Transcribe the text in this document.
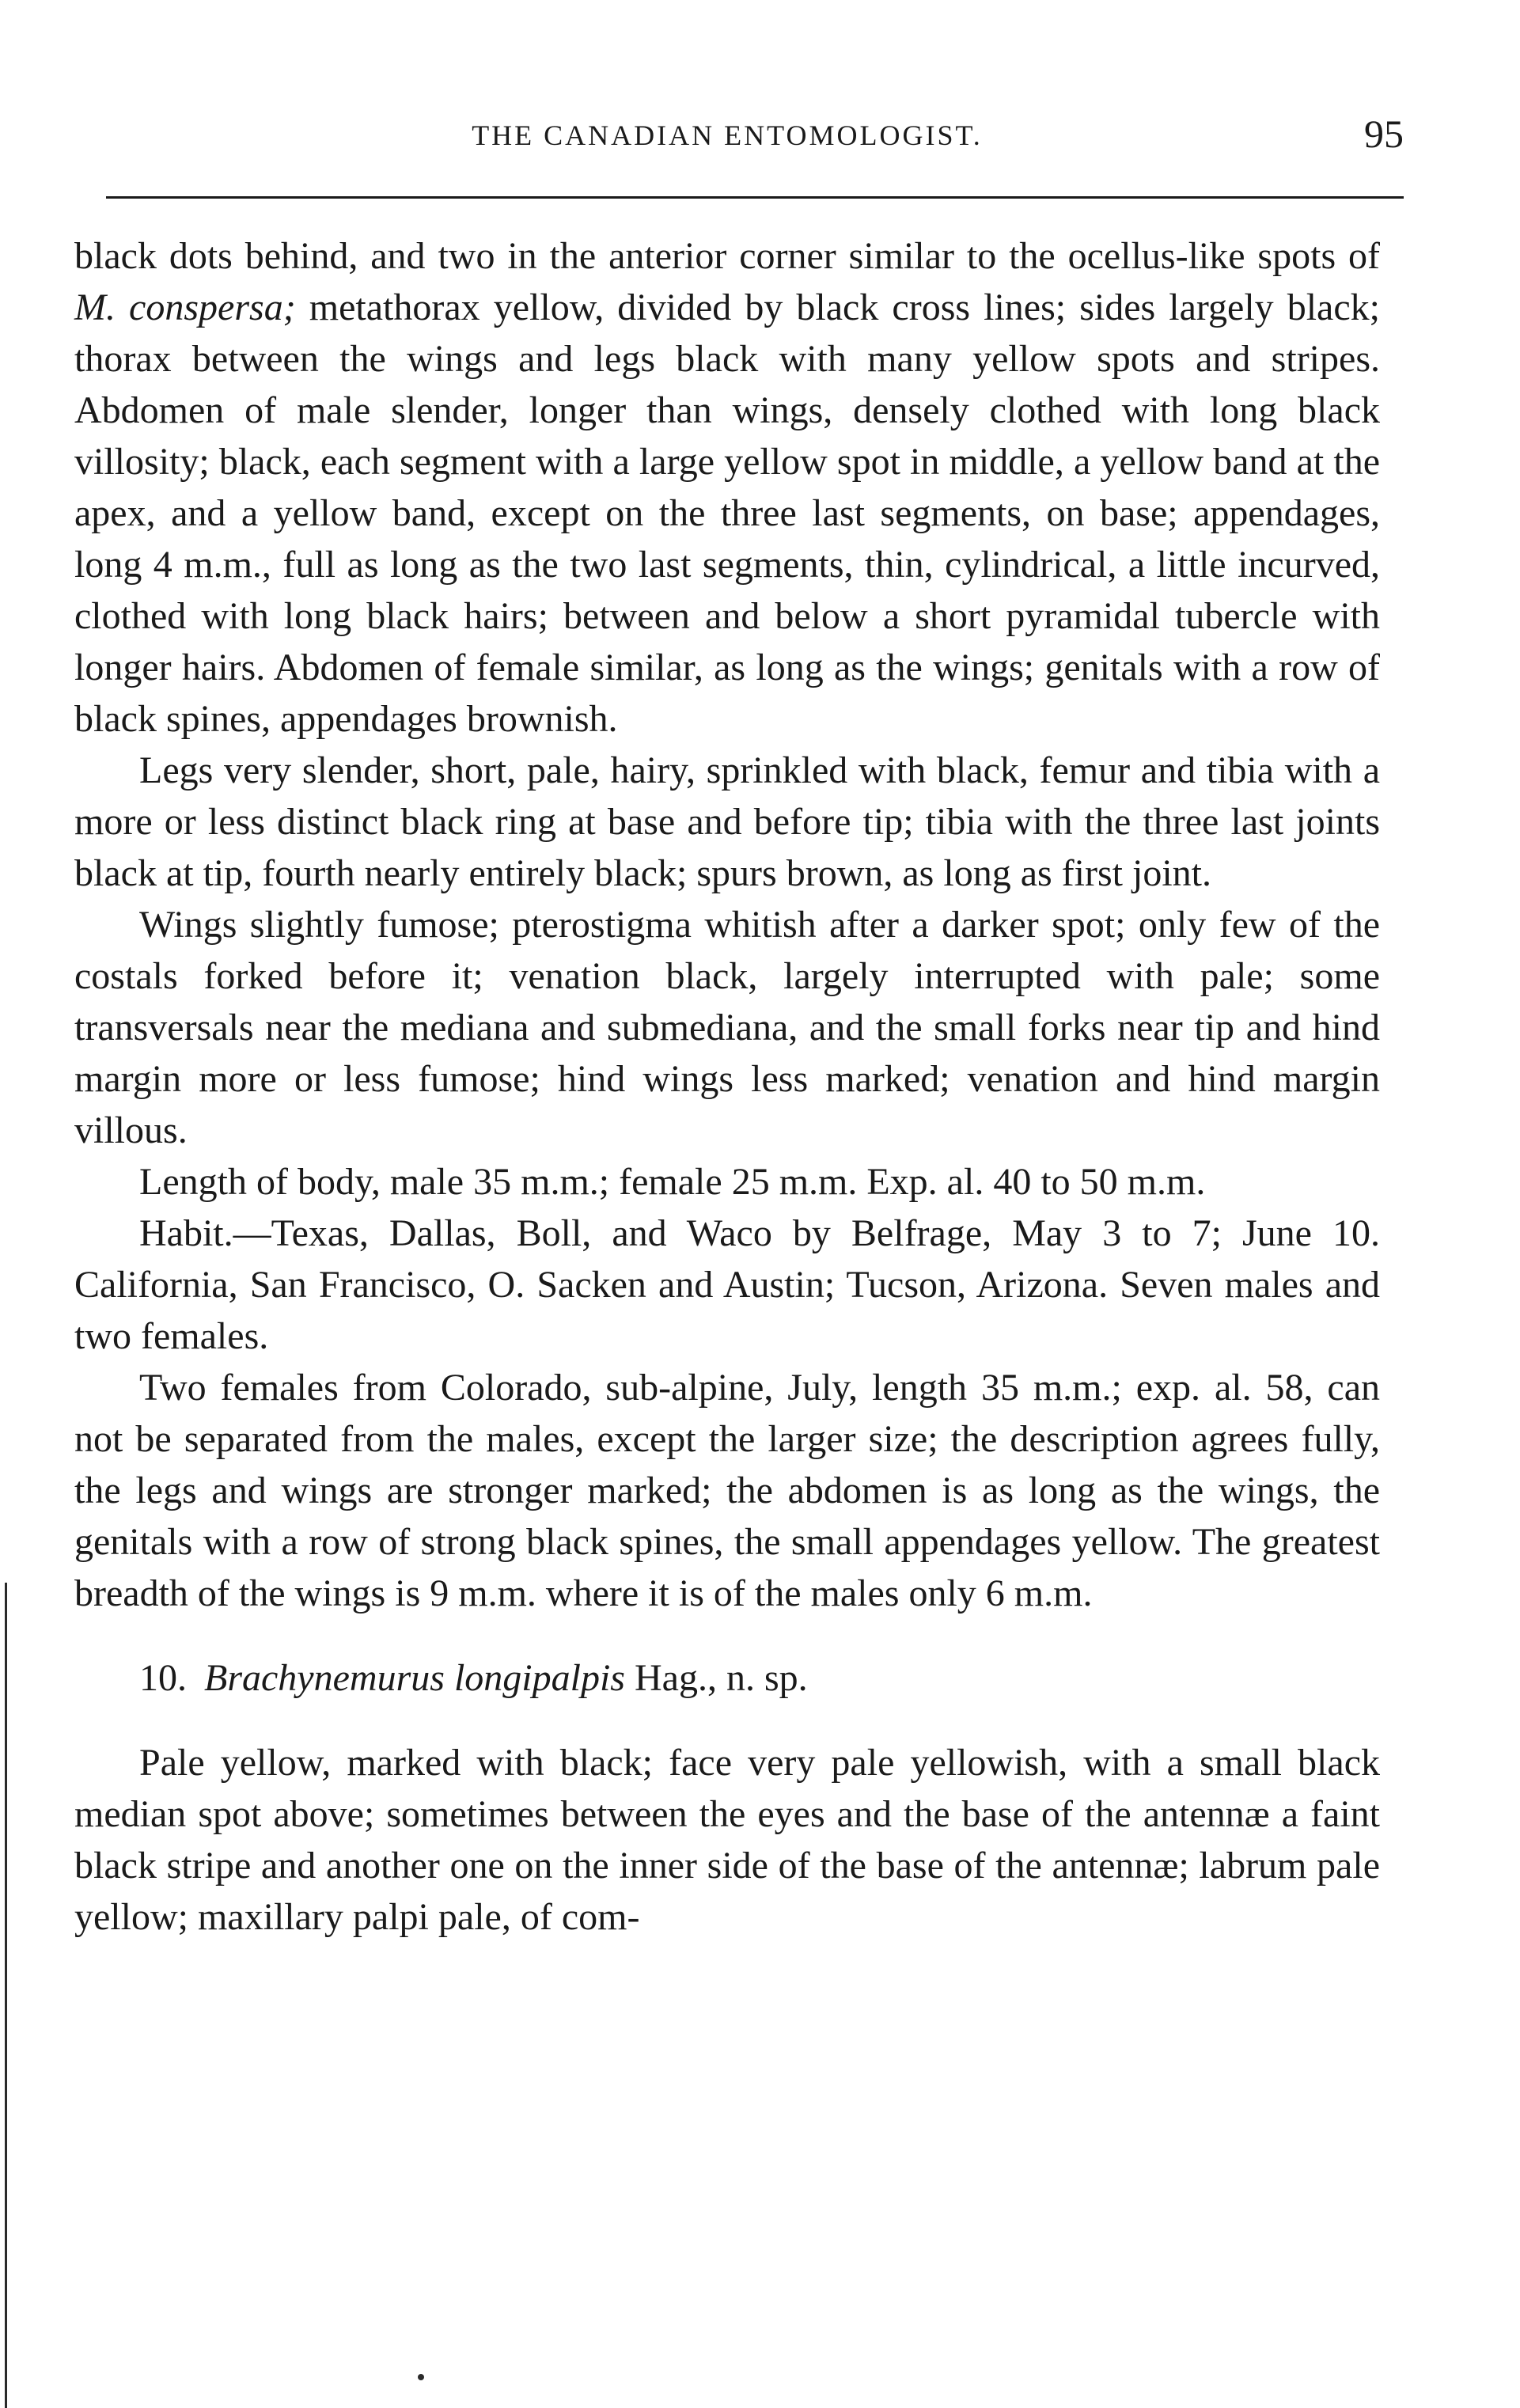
THE CANADIAN ENTOMOLOGIST.	95

black dots behind, and two in the anterior corner similar to the ocellus-like spots of M. conspersa; metathorax yellow, divided by black cross lines; sides largely black; thorax between the wings and legs black with many yellow spots and stripes. Abdomen of male slender, longer than wings, densely clothed with long black villosity; black, each segment with a large yellow spot in middle, a yellow band at the apex, and a yellow band, except on the three last segments, on base; appendages, long 4 m.m., full as long as the two last segments, thin, cylindrical, a little incurved, clothed with long black hairs; between and below a short pyramidal tubercle with longer hairs. Abdomen of female similar, as long as the wings; genitals with a row of black spines, appendages brownish.

Legs very slender, short, pale, hairy, sprinkled with black, femur and tibia with a more or less distinct black ring at base and before tip; tibia with the three last joints black at tip, fourth nearly entirely black; spurs brown, as long as first joint.

Wings slightly fumose; pterostigma whitish after a darker spot; only few of the costals forked before it; venation black, largely interrupted with pale; some transversals near the mediana and submediana, and the small forks near tip and hind margin more or less fumose; hind wings less marked; venation and hind margin villous.

Length of body, male 35 m.m.; female 25 m.m. Exp. al. 40 to 50 m.m.

Habit.—Texas, Dallas, Boll, and Waco by Belfrage, May 3 to 7; June 10. California, San Francisco, O. Sacken and Austin; Tucson, Arizona. Seven males and two females.

Two females from Colorado, sub-alpine, July, length 35 m.m.; exp. al. 58, can not be separated from the males, except the larger size; the description agrees fully, the legs and wings are stronger marked; the abdomen is as long as the wings, the genitals with a row of strong black spines, the small appendages yellow. The greatest breadth of the wings is 9 m.m. where it is of the males only 6 m.m.

10. Brachynemurus longipalpis Hag., n. sp.

Pale yellow, marked with black; face very pale yellowish, with a small black median spot above; sometimes between the eyes and the base of the antennæ a faint black stripe and another one on the inner side of the base of the antennæ; labrum pale yellow; maxillary palpi pale, of com-
